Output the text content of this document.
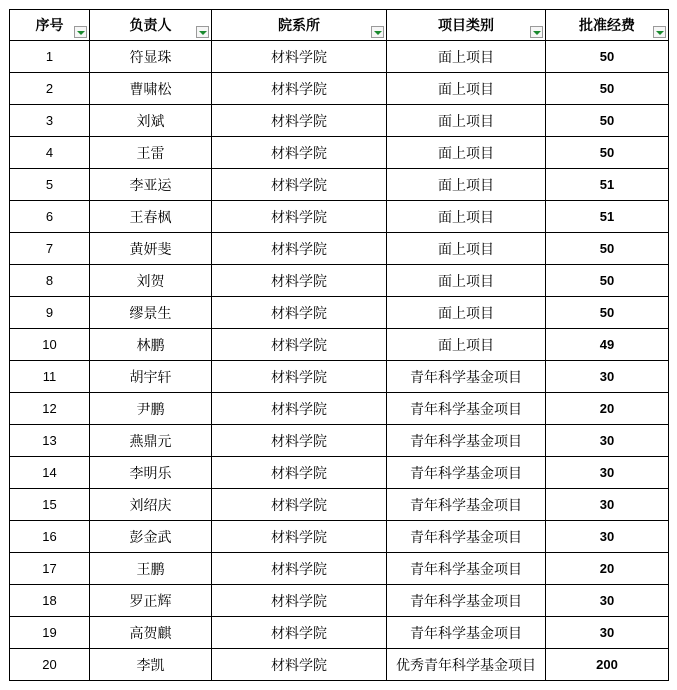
序号	负责人	院系所	项目类别	批准经费

1	符显珠	材料学院	面上项目	50
2	曹啸松	材料学院	面上项目	50
3	刘斌	材料学院	面上项目	50
4	王雷	材料学院	面上项目	50
5	李亚运	材料学院	面上项目	51
6	王春枫	材料学院	面上项目	51
7	黄妍斐	材料学院	面上项目	50
8	刘贺	材料学院	面上项目	50
9	缪景生	材料学院	面上项目	50
10	林鹏	材料学院	面上项目	49
11	胡宇轩	材料学院	青年科学基金项目	30
12	尹鹏	材料学院	青年科学基金项目	20
13	燕鼎元	材料学院	青年科学基金项目	30
14	李明乐	材料学院	青年科学基金项目	30
15	刘绍庆	材料学院	青年科学基金项目	30
16	彭金武	材料学院	青年科学基金项目	30
17	王鹏	材料学院	青年科学基金项目	20
18	罗正辉	材料学院	青年科学基金项目	30
19	高贺麒	材料学院	青年科学基金项目	30
20	李凯	材料学院	优秀青年科学基金项目	200
